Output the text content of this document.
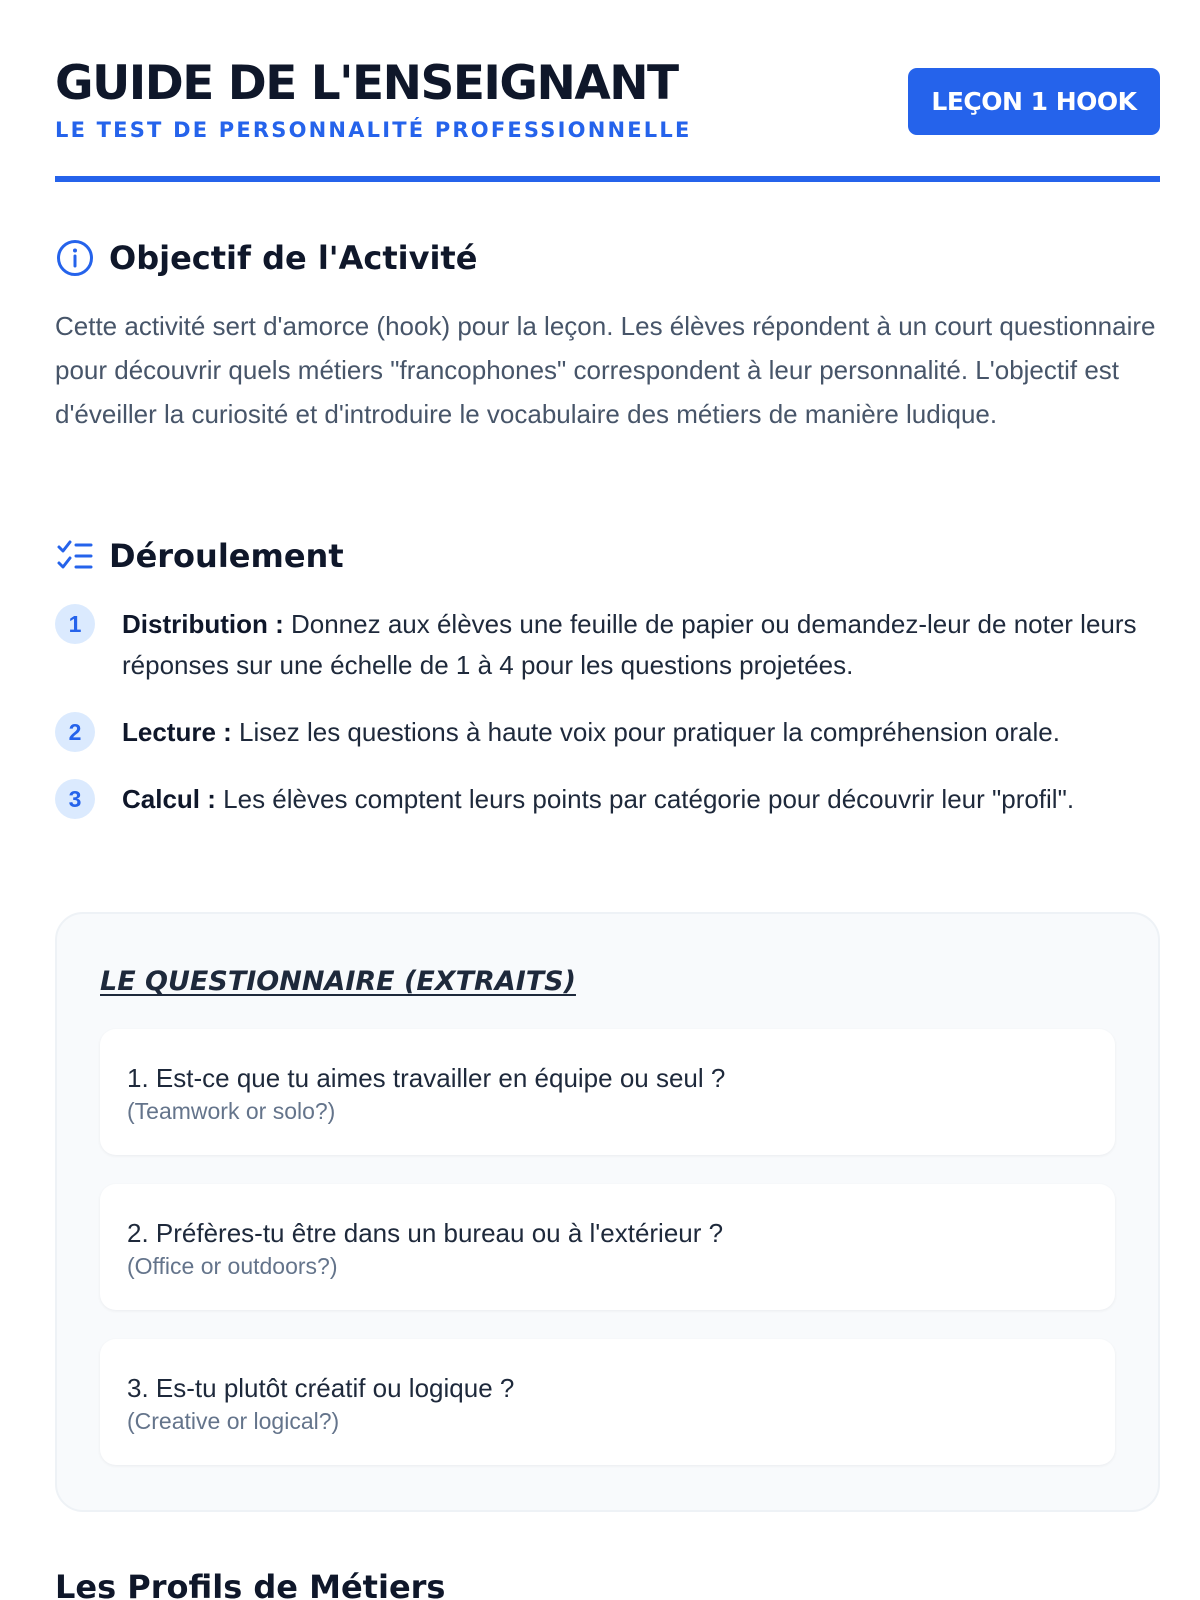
GUIDE DE L'ENSEIGNANT
LE TEST DE PERSONNALITÉ PROFESSIONNELLE
LEÇON 1 HOOK
Objectif de l'Activité

Cette activité sert d'amorce (hook) pour la leçon. Les élèves répondent à un court questionnaire pour découvrir quels métiers "francophones" correspondent à leur personnalité. L'objectif est d'éveiller la curiosité et d'introduire le vocabulaire des métiers de manière ludique.

Déroulement
1	Distribution : Donnez aux élèves une feuille de papier ou demandez-leur de noter leurs réponses sur une échelle de 1 à 4 pour les questions projetées.
2	Lecture : Lisez les questions à haute voix pour pratiquer la compréhension orale.
3	Calcul : Les élèves comptent leurs points par catégorie pour découvrir leur "profil".
LE QUESTIONNAIRE (EXTRAITS)
1. Est-ce que tu aimes travailler en équipe ou seul ?
(Teamwork or solo?)
2. Préfères-tu être dans un bureau ou à l'extérieur ?
(Office or outdoors?)
3. Es-tu plutôt créatif ou logique ?
(Creative or logical?)
Les Profils de Métiers
